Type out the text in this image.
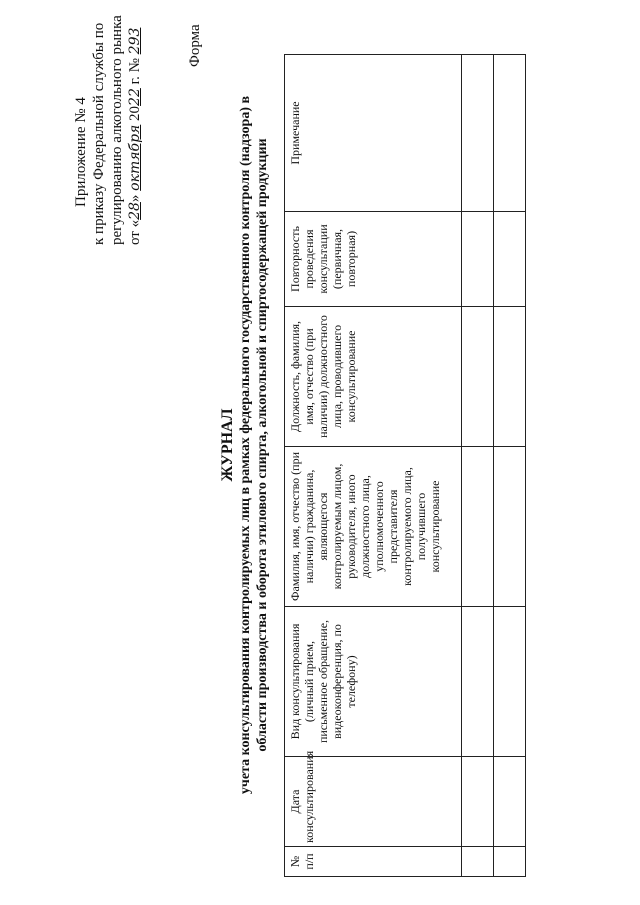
Приложение № 4 к приказу Федеральной службы по регулированию алкогольного рынка от «28» октября 2022 г. № 293	Форма
ЖУРНАЛ учета консультирования контролируемых лиц в рамках федерального государственного контроля (надзора) в области производства и оборота этилового спирта, алкогольной и спиртосодержащей продукции
№ п/п	Дата консультирования	Вид консультирования (личный прием, письменное обращение, видеоконференция, по телефону)	Фамилия, имя, отчество (при наличии) гражданина, являющегося контролируемым лицом, руководителя, иного должностного лица, уполномоченного представителя контролируемого лица, получившего консультирование	Должность, фамилия, имя, отчество (при наличии) должностного лица, проводившего консультирование	Повторность проведения консультации (первичная, повторная)	Примечание
